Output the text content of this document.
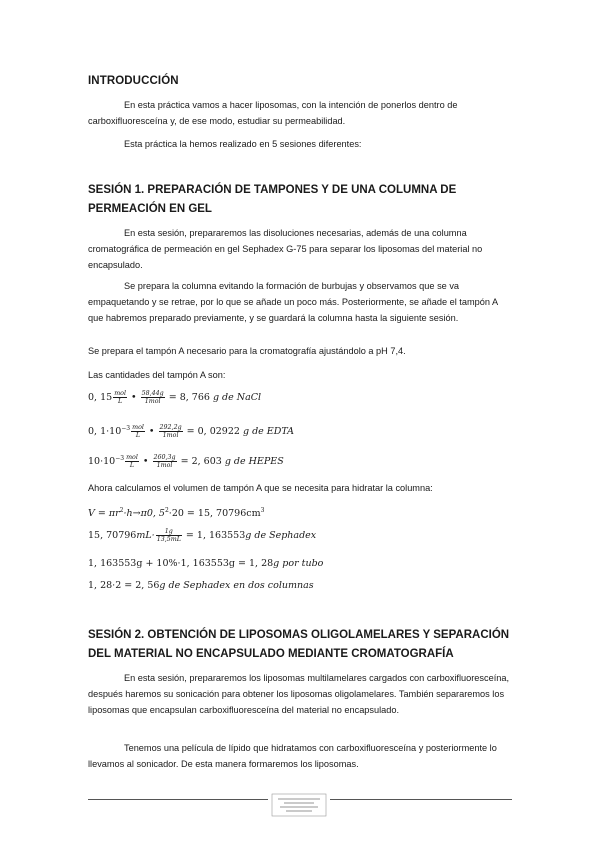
INTRODUCCIÓN
En esta práctica vamos a hacer liposomas, con la intención de ponerlos dentro de carboxifluoresceína y, de ese modo, estudiar su permeabilidad.
Esta práctica la hemos realizado en 5 sesiones diferentes:
SESIÓN 1. PREPARACIÓN DE TAMPONES Y DE UNA COLUMNA DE PERMEACIÓN EN GEL
En esta sesión, prepararemos las disoluciones necesarias, además de una columna cromatográfica de permeación en gel Sephadex G-75 para separar los liposomas del material no encapsulado.
Se prepara la columna evitando la formación de burbujas y observamos que se va empaquetando y se retrae, por lo que se añade un poco más. Posteriormente, se añade el tampón A que habremos preparado previamente, y se guardará la columna hasta la siguiente sesión.
Se prepara el tampón A necesario para la cromatografía ajustándolo a pH 7,4.
Las cantidades del tampón A son:
0, $15 \frac{\text{mol}}{L}$ • $\frac{58,44g}{\text{1mol}} = 8$, 766 g de NaCl
0, $1\cdot 10^{-3} \frac{\text{mol}}{L}$ • $\frac{292,2g}{\text{1mol}} = 0$, 02922 g de EDTA
$10\cdot 10^{-3} \frac{\text{mol}}{L}$ • $\frac{260,3g}{\text{1mol}} = 2$, 603 g de HEPES
Ahora calculamos el volumen de tampón A que se necesita para hidratar la columna:
$V = \pi r^2\cdot h\to\pi 0$, $5^2\cdot 20 = 15$, $70796cm^3$
15, $70796mL\cdot \frac{1g}{13,5mL} = 1$, 163553g de Sephadex
1, 163553g + 10%·1, 163553g = 1, 28g por tubo
1, 28·2 = 2, 56g de Sephadex en dos columnas
SESIÓN 2. OBTENCIÓN DE LIPOSOMAS OLIGOLAMELARES Y SEPARACIÓN DEL MATERIAL NO ENCAPSULADO MEDIANTE CROMATOGRAFÍA
En esta sesión, prepararemos los liposomas multilamelares cargados con carboxifluoresceína, después haremos su sonicación para obtener los liposomas oligolamelares. También separaremos los liposomas que encapsulan carboxifluoresceína del material no encapsulado.
Tenemos una película de lípido que hidratamos con carboxifluoresceína y posteriormente lo llevamos al sonicador. De esta manera formaremos los liposomas.
